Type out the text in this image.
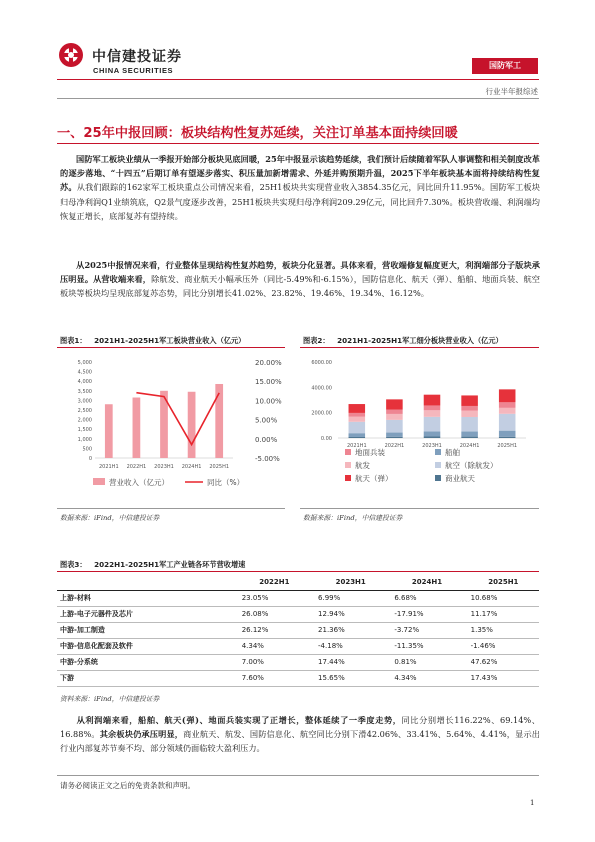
中信建投证券
CHINA SECURITIES
国防军工
行业半年报综述
一、25年中报回顾：板块结构性复苏延续，关注订单基本面持续回暖
国防军工板块业绩从一季报开始部分板块见底回暖，25年中报显示该趋势延续，我们预计后续随着军队人事调整和相关制度改革的逐步落地、“十四五”后期订单有望逐步落实、积压量加新增需求、外延并购预期升温，2025下半年板块基本面将持续结构性复苏。从我们跟踪的162家军工板块重点公司情况来看，25H1板块共实现营业收入3854.35亿元，同比回升11.95%。国防军工板块归母净利润Q1业绩筑底，Q2景气度逐步改善，25H1板块共实现归母净利润209.29亿元，同比回升7.30%。板块营收端、利润端均恢复正增长，底部复苏有望持续。
从2025中报情况来看，行业整体呈现结构性复苏趋势，板块分化显著。具体来看，营收端修复幅度更大，利润端部分子版块承压明显。从营收端来看，除航发、商业航天小幅承压外（同比-5.49%和-6.15%），国防信息化、航天（弹）、船舶、地面兵装、航空板块等板块均呈现底部复苏态势，同比分别增长41.02%、23.82%、19.46%、19.34%、16.12%。
图表1： 2021H1-2025H1军工板块营业收入（亿元）
0
500
1,000
1,500
2,000
2,500
3,000
3,500
4,000
4,500
5,000
-5.00%
0.00%
5.00%
10.00%
15.00%
20.00%
2021H1 2022H1 2023H1 2024H1 2025H1
营业收入（亿元）	同比（%）
数据来源：iFind，中信建投证券
图表2： 2021H1-2025H1军工细分板块营业收入（亿元）
0.00
2000.00
4000.00
6000.00
2021H1	2022H1	2023H1	2024H1	2025H1
地面兵装	船舶
航发	航空（除航发）
航天（弹）	商业航天
数据来源：iFind，中信建投证券
图表3： 2022H1-2025H1军工产业链各环节营收增速
	2022H1	2023H1	2024H1	2025H1
上游-材料	23.05%	6.99%	6.68%	10.68%
上游-电子元器件及芯片	26.08%	12.94%	-17.91%	11.17%
中游-加工制造	26.12%	21.36%	-3.72%	1.35%
中游-信息化配套及软件	4.34%	-4.18%	-11.35%	-1.46%
中游-分系统	7.00%	17.44%	0.81%	47.62%
下游	7.60%	15.65%	4.34%	17.43%
资料来源：iFind，中信建投证券
从利润端来看，船舶、航天(弹)、地面兵装实现了正增长，整体延续了一季度走势，同比分别增长116.22%、69.14%、16.88%。其余板块仍承压明显，商业航天、航发、国防信息化、航空同比分别下滑42.06%、33.41%、5.64%、4.41%，显示出行业内部复苏节奏不均、部分领域仍面临较大盈利压力。
请务必阅读正文之后的免责条款和声明。
1
